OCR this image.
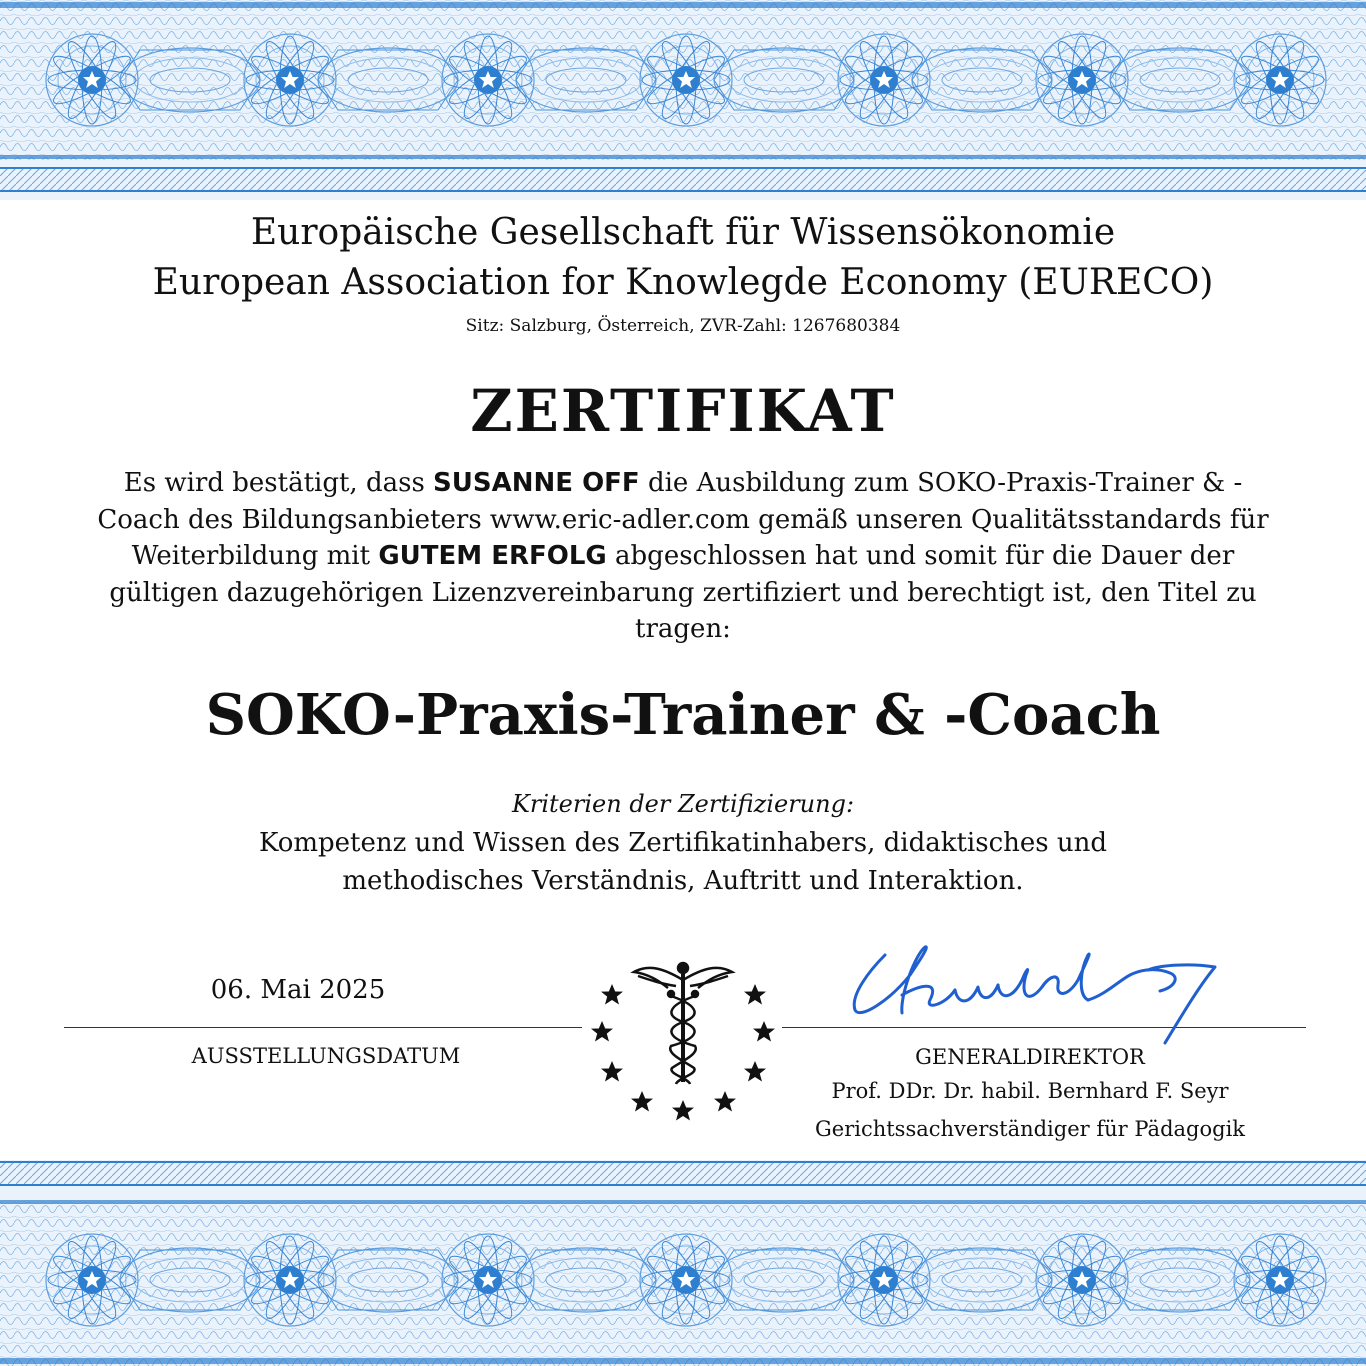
Europäische Gesellschaft für Wissensökonomie
European Association for Knowlegde Economy (EURECO)
Sitz: Salzburg, Österreich, ZVR-Zahl: 1267680384
ZERTIFIKAT
Es wird bestätigt, dass SUSANNE OFF die Ausbildung zum SOKO-Praxis-Trainer & -Coach des Bildungsanbieters www.eric-adler.com gemäß unseren Qualitätsstandards für Weiterbildung mit GUTEM ERFOLG abgeschlossen hat und somit für die Dauer der gültigen dazugehörigen Lizenzvereinbarung zertifiziert und berechtigt ist, den Titel zu tragen:
SOKO-Praxis-Trainer & -Coach
Kriterien der Zertifizierung:
Kompetenz und Wissen des Zertifikatinhabers, didaktisches und methodisches Verständnis, Auftritt und Interaktion.
06. Mai 2025
AUSSTELLUNGSDATUM	GENERALDIREKTOR
Prof. DDr. Dr. habil. Bernhard F. Seyr
Gerichtssachverständiger für Pädagogik
